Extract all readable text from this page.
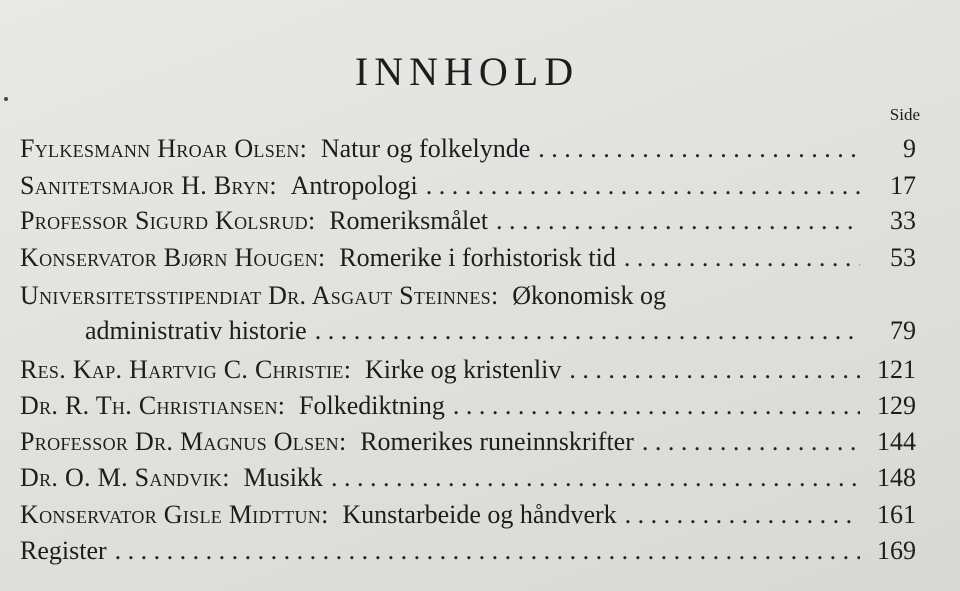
INNHOLD
Side
Fylkesmann Hroar Olsen : Natur og folkelynde . . .	9
Sanitetsmajor H. Bryn : Antropologi . . .	17
Professor Sigurd Kolsrud : Romeriksmålet . . .	33
Konservator Bjørn Hougen : Romerike i forhistorisk tid . . .	53
Universitetsstipendiat Dr. Asgaut Steinnes : Økonomisk og
administrativ historie . . .	79
Res. Kap. Hartvig C. Christie : Kirke og kristenliv . . .	121
Dr. R. Th. Christiansen : Folkediktning . . .	129
Professor Dr. Magnus Olsen : Romerikes runeinnskrifter . . .	144
Dr. O. M. Sandvik : Musikk . . .	148
Konservator Gisle Midttun : Kunstarbeide og håndverk . . .	161
Register . . .	169
